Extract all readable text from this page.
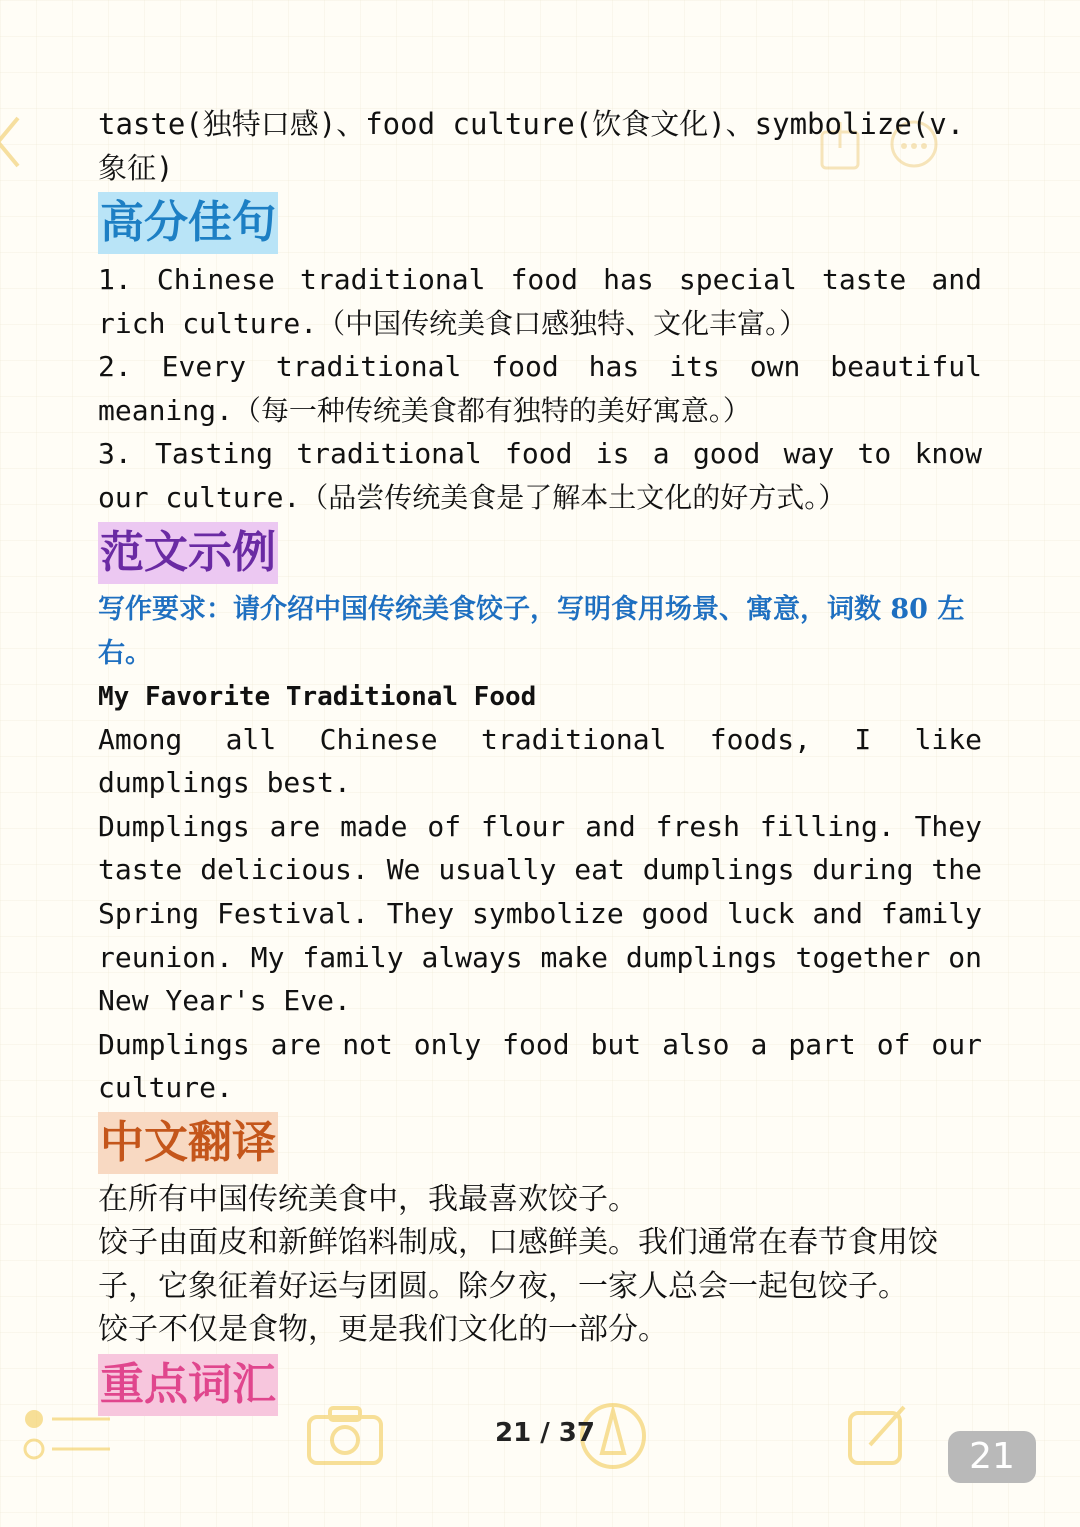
taste(独特口感)、food culture(饮食文化)、symbolize(v.象征)

高分佳句

1. Chinese traditional food has special taste and rich culture.（中国传统美食口感独特、文化丰富。）

2. Every traditional food has its own beautiful meaning.（每一种传统美食都有独特的美好寓意。）

3. Tasting traditional food is a good way to know our culture.（品尝传统美食是了解本土文化的好方式。）

范文示例

写作要求：请介绍中国传统美食饺子，写明食用场景、寓意，词数 80 左右。

My Favorite Traditional Food

Among all Chinese traditional foods, I like dumplings best.

Dumplings are made of flour and fresh filling. They taste delicious. We usually eat dumplings during the Spring Festival. They symbolize good luck and family reunion. My family always make dumplings together on New Year's Eve.

Dumplings are not only food but also a part of our culture.

中文翻译

在所有中国传统美食中，我最喜欢饺子。

饺子由面皮和新鲜馅料制成，口感鲜美。我们通常在春节食用饺子，它象征着好运与团圆。除夕夜，一家人总会一起包饺子。

饺子不仅是食物，更是我们文化的一部分。

重点词汇
21 / 37
21
